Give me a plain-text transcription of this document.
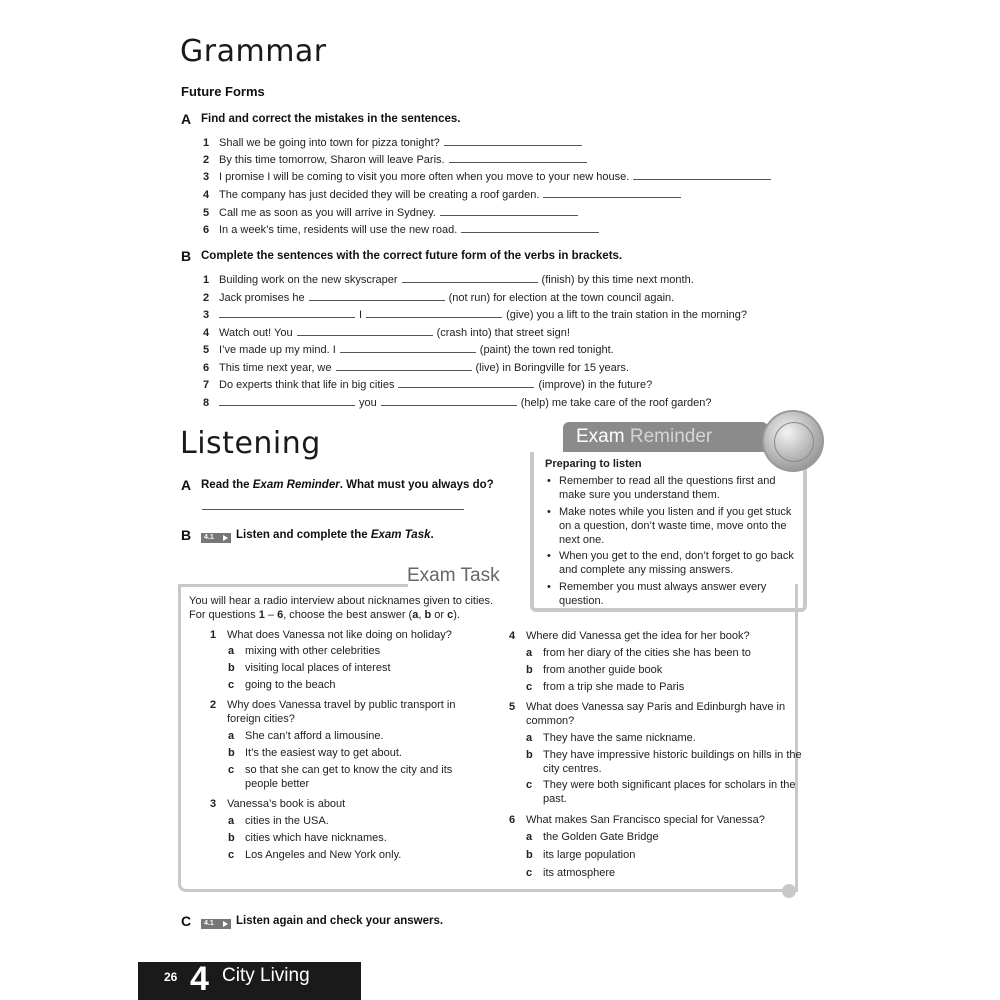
Grammar
Future Forms
A Find and correct the mistakes in the sentences.
1 Shall we be going into town for pizza tonight?
2 By this time tomorrow, Sharon will leave Paris.
3 I promise I will be coming to visit you more often when you move to your new house.
4 The company has just decided they will be creating a roof garden.
5 Call me as soon as you will arrive in Sydney.
6 In a week’s time, residents will use the new road.
B Complete the sentences with the correct future form of the verbs in brackets.
1 Building work on the new skyscraper	(finish) by this time next month.
2 Jack promises he	(not run) for election at the town council again.
3	I	(give) you a lift to the train station in the morning?
4 Watch out! You	(crash into) that street sign!
5 I’ve made up my mind. I	(paint) the town red tonight.
6 This time next year, we	(live) in Boringville for 15 years.
7 Do experts think that life in big cities	(improve) in the future?
8	you	(help) me take care of the roof garden?
Listening
A Read the Exam Reminder. What must you always do?
B	4.1 Listen and complete the Exam Task.
Exam Reminder
Preparing to listen
• Remember to read all the questions first and make sure you understand them.
• Make notes while you listen and if you get stuck on a question, don’t waste time, move onto the next one.
• When you get to the end, don’t forget to go back and complete any missing answers.
• Remember you must always answer every question.
Exam Task
You will hear a radio interview about nicknames given to cities.
For questions 1 – 6, choose the best answer (a, b or c).
1 What does Vanessa not like doing on holiday?
a mixing with other celebrities
b visiting local places of interest
c going to the beach
2 Why does Vanessa travel by public transport in foreign cities?
a She can’t afford a limousine.
b It’s the easiest way to get about.
c so that she can get to know the city and its people better
3 Vanessa’s book is about
a cities in the USA.
b cities which have nicknames.
c Los Angeles and New York only.
4 Where did Vanessa get the idea for her book?
a from her diary of the cities she has been to
b from another guide book
c from a trip she made to Paris
5 What does Vanessa say Paris and Edinburgh have in common?
a They have the same nickname.
b They have impressive historic buildings on hills in the city centres.
c They were both significant places for scholars in the past.
6 What makes San Francisco special for Vanessa?
a the Golden Gate Bridge
b its large population
c its atmosphere
C	4.1 Listen again and check your answers.
26 4 City Living
